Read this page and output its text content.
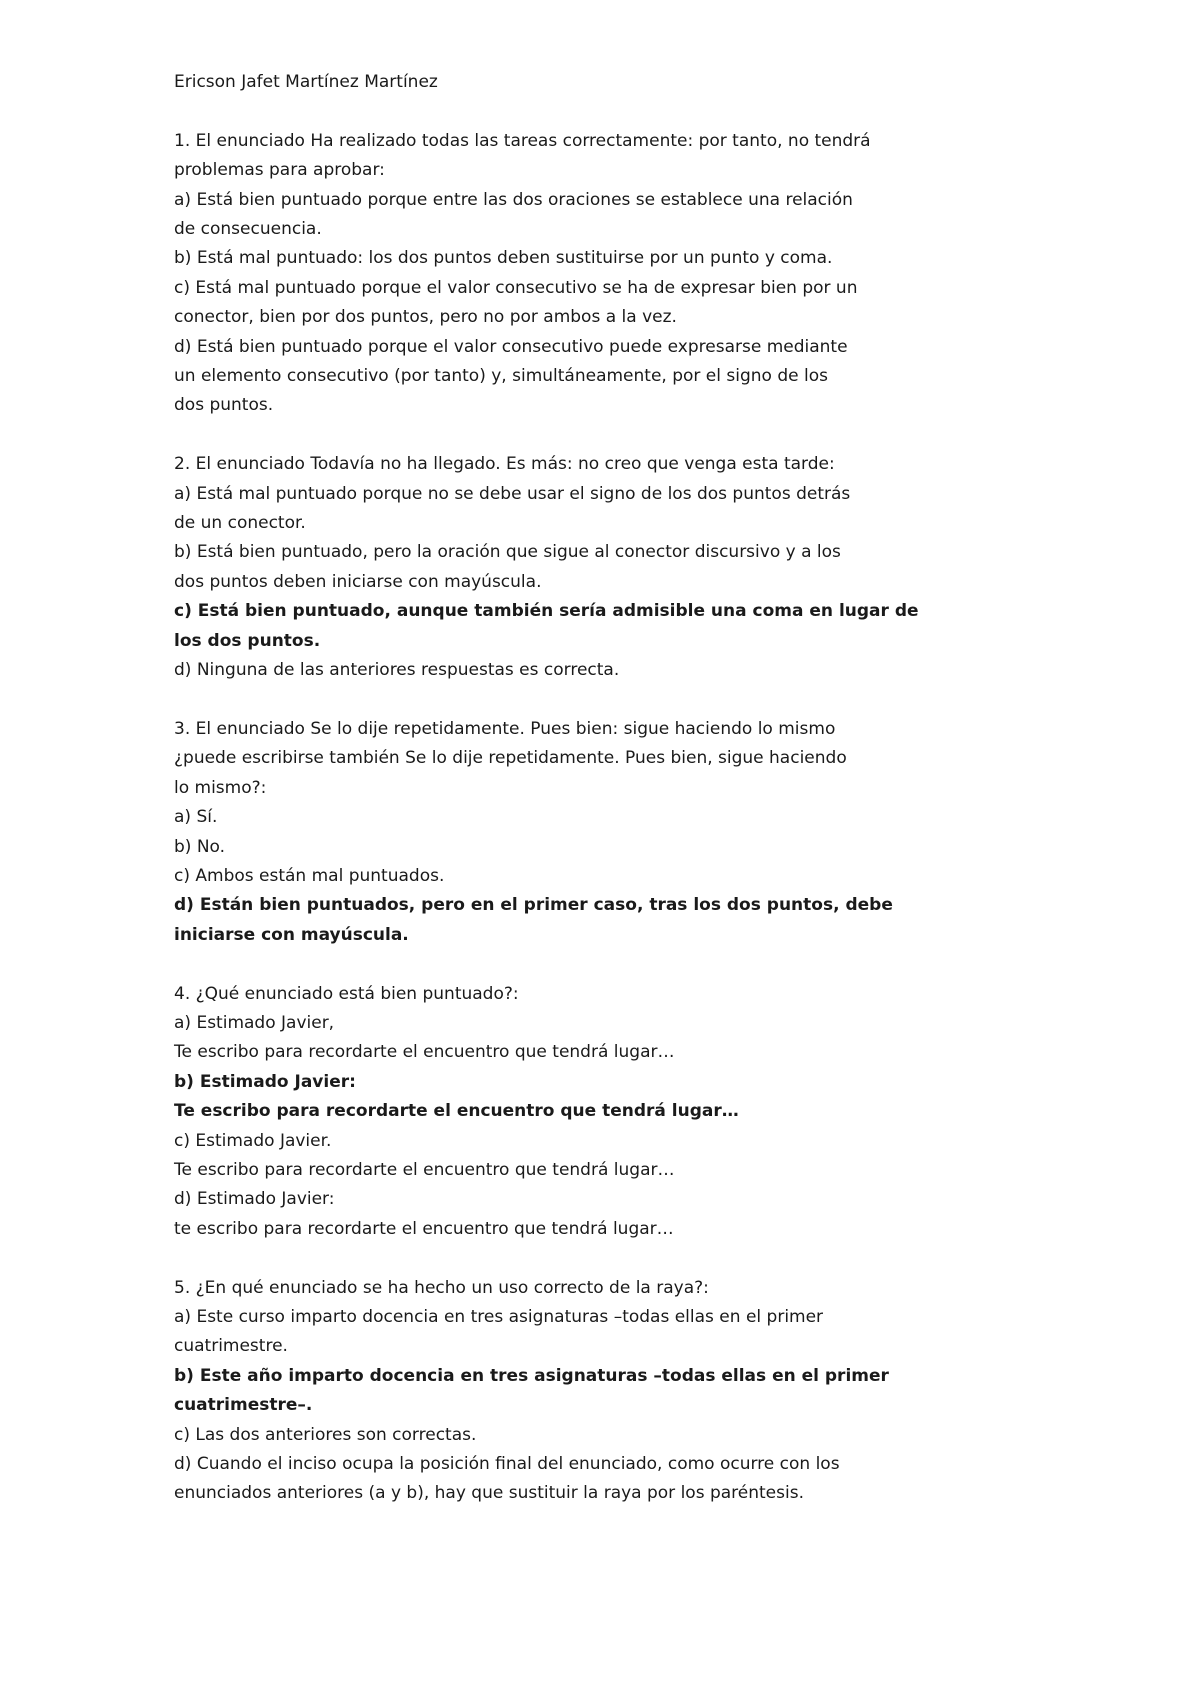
Ericson Jafet Martínez Martínez
1. El enunciado Ha realizado todas las tareas correctamente: por tanto, no tendrá
problemas para aprobar:
a) Está bien puntuado porque entre las dos oraciones se establece una relación
de consecuencia.
b) Está mal puntuado: los dos puntos deben sustituirse por un punto y coma.
c) Está mal puntuado porque el valor consecutivo se ha de expresar bien por un
conector, bien por dos puntos, pero no por ambos a la vez.
d) Está bien puntuado porque el valor consecutivo puede expresarse mediante
un elemento consecutivo (por tanto) y, simultáneamente, por el signo de los
dos puntos.
2. El enunciado Todavía no ha llegado. Es más: no creo que venga esta tarde:
a) Está mal puntuado porque no se debe usar el signo de los dos puntos detrás
de un conector.
b) Está bien puntuado, pero la oración que sigue al conector discursivo y a los
dos puntos deben iniciarse con mayúscula.
c) Está bien puntuado, aunque también sería admisible una coma en lugar de
los dos puntos.
d) Ninguna de las anteriores respuestas es correcta.
3. El enunciado Se lo dije repetidamente. Pues bien: sigue haciendo lo mismo
¿puede escribirse también Se lo dije repetidamente. Pues bien, sigue haciendo
lo mismo?:
a) Sí.
b) No.
c) Ambos están mal puntuados.
d) Están bien puntuados, pero en el primer caso, tras los dos puntos, debe
iniciarse con mayúscula.
4. ¿Qué enunciado está bien puntuado?:
a) Estimado Javier,
Te escribo para recordarte el encuentro que tendrá lugar…
b) Estimado Javier:
Te escribo para recordarte el encuentro que tendrá lugar…
c) Estimado Javier.
Te escribo para recordarte el encuentro que tendrá lugar…
d) Estimado Javier:
te escribo para recordarte el encuentro que tendrá lugar…
5. ¿En qué enunciado se ha hecho un uso correcto de la raya?:
a) Este curso imparto docencia en tres asignaturas –todas ellas en el primer
cuatrimestre.
b) Este año imparto docencia en tres asignaturas –todas ellas en el primer
cuatrimestre–.
c) Las dos anteriores son correctas.
d) Cuando el inciso ocupa la posición final del enunciado, como ocurre con los
enunciados anteriores (a y b), hay que sustituir la raya por los paréntesis.
